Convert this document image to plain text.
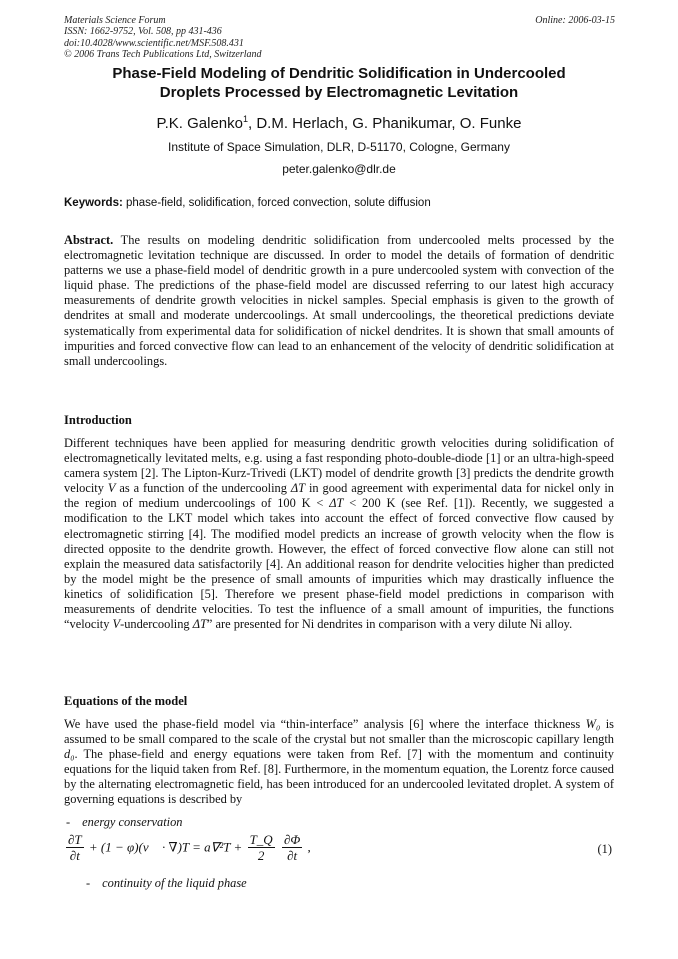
Materials Science Forum
ISSN: 1662-9752, Vol. 508, pp 431-436
doi:10.4028/www.scientific.net/MSF.508.431
© 2006 Trans Tech Publications Ltd, Switzerland
Online: 2006-03-15
Phase-Field Modeling of Dendritic Solidification in Undercooled
Droplets Processed by Electromagnetic Levitation
P.K. Galenko$^1$, D.M. Herlach, G. Phanikumar, O. Funke
Institute of Space Simulation, DLR, D-51170, Cologne, Germany
peter.galenko@dlr.de
Keywords: phase-field, solidification, forced convection, solute diffusion
Abstract. The results on modeling dendritic solidification from undercooled melts processed by the electromagnetic levitation technique are discussed. In order to model the details of formation of dendritic patterns we use a phase-field model of dendritic growth in a pure undercooled system with convection of the liquid phase. The predictions of the phase-field model are discussed referring to our latest high accuracy measurements of dendrite growth velocities in nickel samples. Special emphasis is given to the growth of dendrites at small and moderate undercoolings. At small undercoolings, the theoretical predictions deviate systematically from experimental data for solidification of nickel dendrites. It is shown that small amounts of impurities and forced convective flow can lead to an enhancement of the velocity of dendritic solidification at small undercoolings.
Introduction
Different techniques have been applied for measuring dendritic growth velocities during solidification of electromagnetically levitated melts, e.g. using a fast responding photo-double-diode [1] or an ultra-high-speed camera system [2]. The Lipton-Kurz-Trivedi (LKT) model of dendrite growth [3] predicts the dendrite growth velocity V as a function of the undercooling ΔT in good agreement with experimental data for nickel only in the region of medium undercoolings of 100 K < ΔT < 200 K (see Ref. [1]). Recently, we suggested a modification to the LKT model which takes into account the effect of forced convective flow caused by electromagnetic stirring [4]. The modified model predicts an increase of growth velocity when the flow is directed opposite to the dendrite growth. However, the effect of forced convective flow alone can still not explain the measured data satisfactorily [4]. An additional reason for dendrite velocities higher than predicted by the model might be the presence of small amounts of impurities which may drastically influence the kinetics of solidification [5]. Therefore we present phase-field model predictions in comparison with measurements of dendrite velocities. To test the influence of a small amount of impurities, the functions “velocity V-undercooling ΔT” are presented for Ni dendrites in comparison with a very dilute Ni alloy.
Equations of the model
We have used the phase-field model via “thin-interface” analysis [6] where the interface thickness W₀ is assumed to be small compared to the scale of the crystal but not smaller than the microscopic capillary length d₀. The phase-field and energy equations were taken from Ref. [7] with the momentum and continuity equations for the liquid taken from Ref. [8]. Furthermore, in the momentum equation, the Lorentz force caused by the alternating electromagnetic field, has been introduced for an undercooled levitated droplet. A system of governing equations is described by
- energy conservation
$\frac{\partial T}{\partial t} + (1$ − φ)(v⃗ · $\nabla)T = a\nabla^2T + \frac{T\_Q}{2}$
$\frac{\partial\Phi}{\partial t}$ ,	(1)
- continuity of the liquid phase
